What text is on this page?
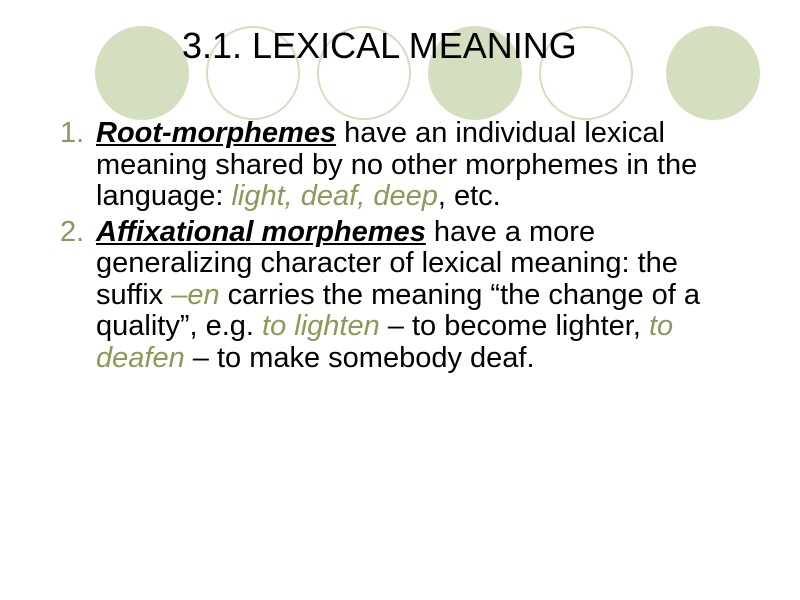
3.1. LEXICAL MEANING
1. Root-morphemes have an individual lexical meaning shared by no other morphemes in the language: light, deaf, deep, etc.
2. Affixational morphemes have a more generalizing character of lexical meaning: the suffix –en carries the meaning “the change of a quality”, e.g. to lighten – to become lighter, to deafen – to make somebody deaf.
